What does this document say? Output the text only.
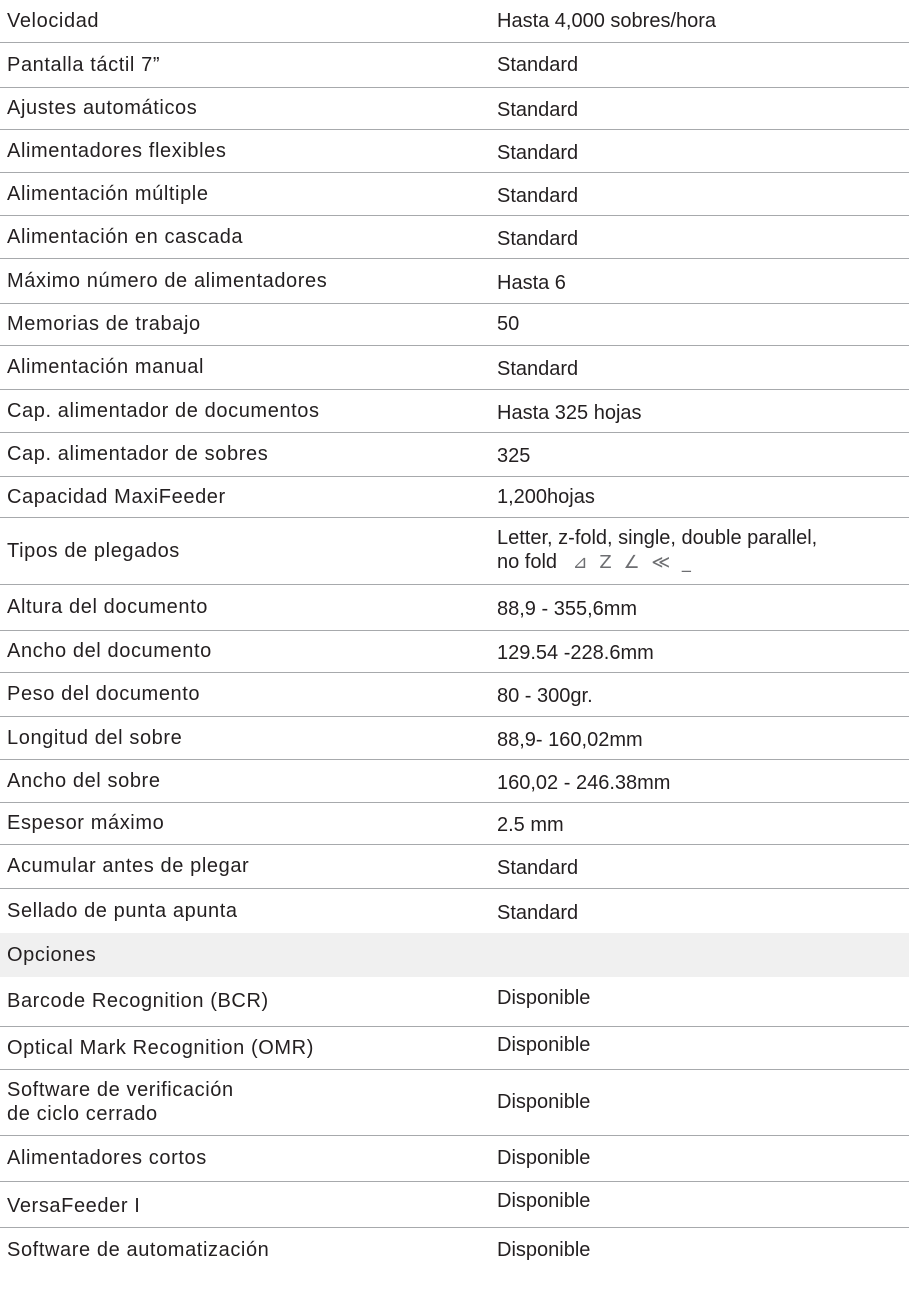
Velocidad	Hasta 4,000 sobres/hora
Pantalla táctil 7”	Standard
Ajustes automáticos	Standard
Alimentadores flexibles	Standard
Alimentación múltiple	Standard
Alimentación en cascada	Standard
Máximo número de alimentadores	Hasta 6
Memorias de trabajo	50
Alimentación manual	Standard
Cap. alimentador de documentos	Hasta 325 hojas
Cap. alimentador de sobres	325
Capacidad MaxiFeeder	1,200hojas
Tipos de plegados	Letter, z-fold, single, double parallel,
no fold ⊿ Z ∠ ≪ _

Altura del documento	88,9 - 355,6mm
Ancho del documento	129.54 -228.6mm
Peso del documento	80 - 300gr.
Longitud del sobre	88,9- 160,02mm
Ancho del sobre	160,02 - 246.38mm
Espesor máximo	2.5 mm
Acumular antes de plegar	Standard
Sellado de punta apunta	Standard
Opciones	
Barcode Recognition (BCR)	Disponible
Optical Mark Recognition (OMR)	Disponible

Software de verificación
de ciclo cerrado	Disponible
Alimentadores cortos	Disponible
VersaFeeder I	Disponible
Software de automatización	Disponible
